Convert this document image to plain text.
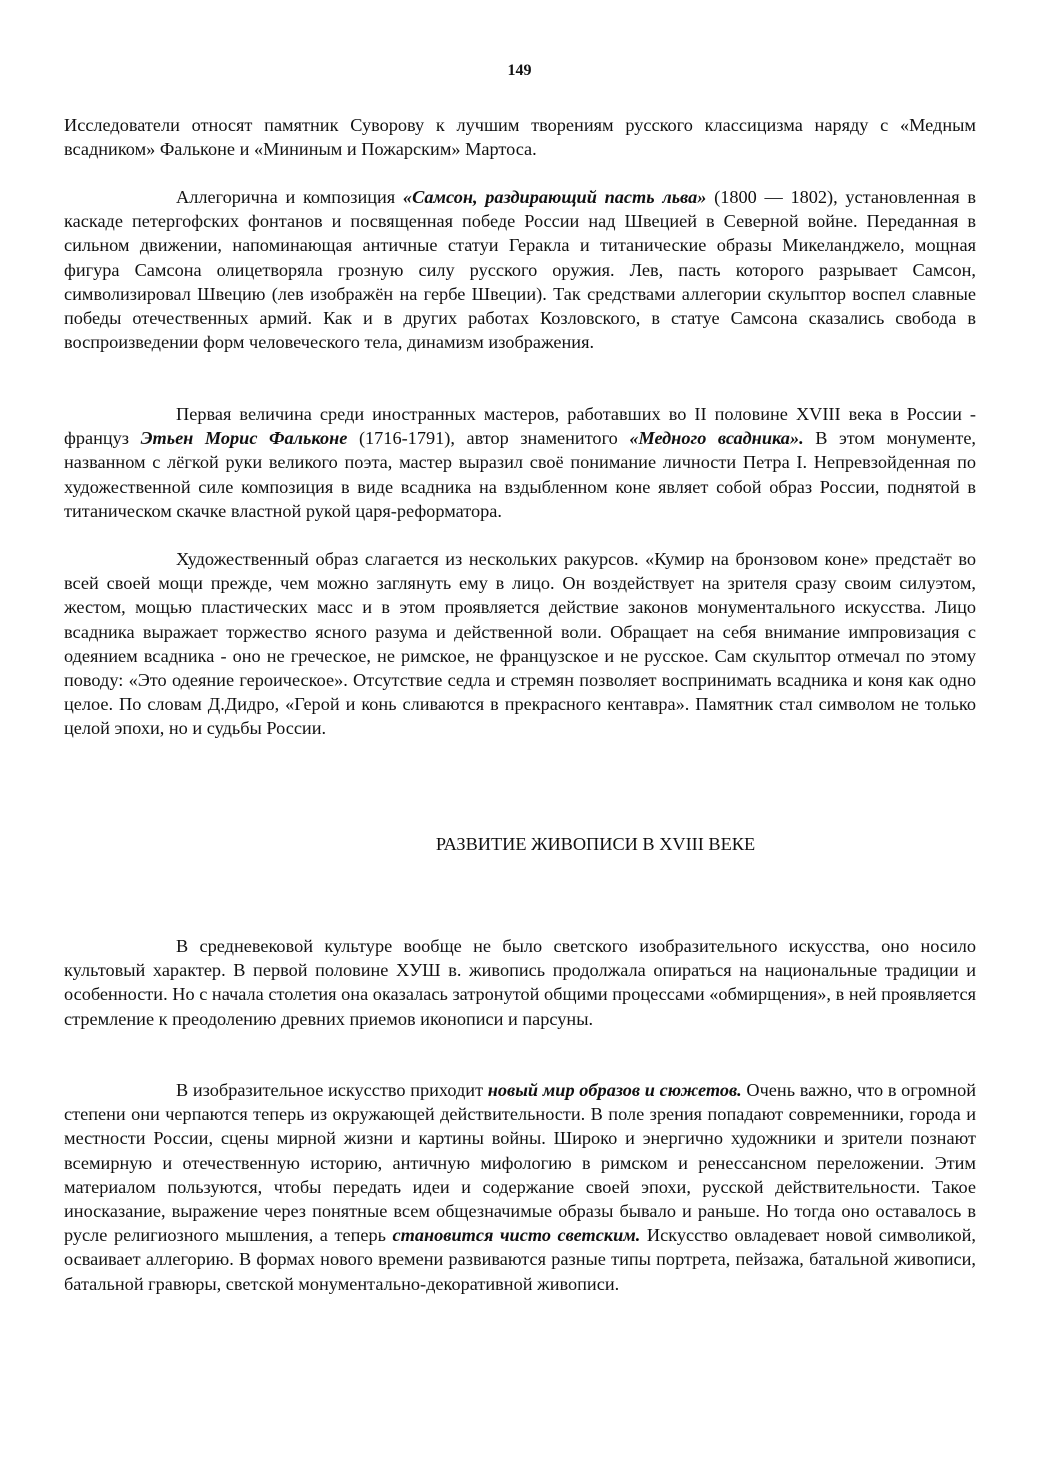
149

Исследователи относят памятник Суворову к лучшим творениям русского классицизма наряду с «Медным всадником» Фальконе и «Мининым и Пожарским» Мартоса.

Аллегорична и композиция «Самсон, раздирающий пасть льва» (1800 — 1802), установленная в каскаде петергофских фонтанов и посвященная победе России над Швецией в Северной войне. Переданная в сильном движении, напоминающая античные статуи Геракла и титанические образы Микеланджело, мощная фигура Самсона олицетворяла грозную силу русского оружия. Лев, пасть которого разрывает Самсон, символизировал Швецию (лев изображён на гербе Швеции). Так средствами аллегории скульптор воспел славные победы отечественных армий. Как и в других работах Козловского, в статуе Самсона сказались свобода в воспроизведении форм человеческого тела, динамизм изображения.

Первая величина среди иностранных мастеров, работавших во II половине XVIII века в России - француз Этьен Морис Фальконе (1716-1791), автор знаменитого «Медного всадника». В этом монументе, названном с лёгкой руки великого поэта, мастер выразил своё понимание личности Петра I. Непревзойденная по художественной силе композиция в виде всадника на вздыбленном коне являет собой образ России, поднятой в титаническом скачке властной рукой царя-реформатора.

Художественный образ слагается из нескольких ракурсов. «Кумир на бронзовом коне» предстаёт во всей своей мощи прежде, чем можно заглянуть ему в лицо. Он воздействует на зрителя сразу своим силуэтом, жестом, мощью пластических масс и в этом проявляется действие законов монументального искусства. Лицо всадника выражает торжество ясного разума и действенной воли. Обращает на себя внимание импровизация с одеянием всадника - оно не греческое, не римское, не французское и не русское. Сам скульптор отмечал по этому поводу: «Это одеяние героическое». Отсутствие седла и стремян позволяет воспринимать всадника и коня как одно целое. По словам Д.Дидро, «Герой и конь сливаются в прекрасного кентавра». Памятник стал символом не только целой эпохи, но и судьбы России.

РАЗВИТИЕ ЖИВОПИСИ В XVIII ВЕКЕ

В средневековой культуре вообще не было светского изобразительного искусства, оно носило культовый характер. В первой половине ХУШ в. живопись продолжала опираться на национальные традиции и особенности. Но с начала столетия она оказалась затронутой общими процессами «обмирщения», в ней проявляется стремление к преодолению древних приемов иконописи и парсуны.

В изобразительное искусство приходит новый мир образов и сюжетов. Очень важно, что в огромной степени они черпаются теперь из окружающей действительности. В поле зрения попадают современники, города и местности России, сцены мирной жизни и картины войны. Широко и энергично художники и зрители познают всемирную и отечественную историю, античную мифологию в римском и ренессансном переложении. Этим материалом пользуются, чтобы передать идеи и содержание своей эпохи, русской действительности. Такое иносказание, выражение через понятные всем общезначимые образы бывало и раньше. Но тогда оно оставалось в русле религиозного мышления, а теперь становится чисто светским. Искусство овладевает новой символикой, осваивает аллегорию. В формах нового времени развиваются разные типы портрета, пейзажа, батальной живописи, батальной гравюры, светской монументально-декоративной живописи.
